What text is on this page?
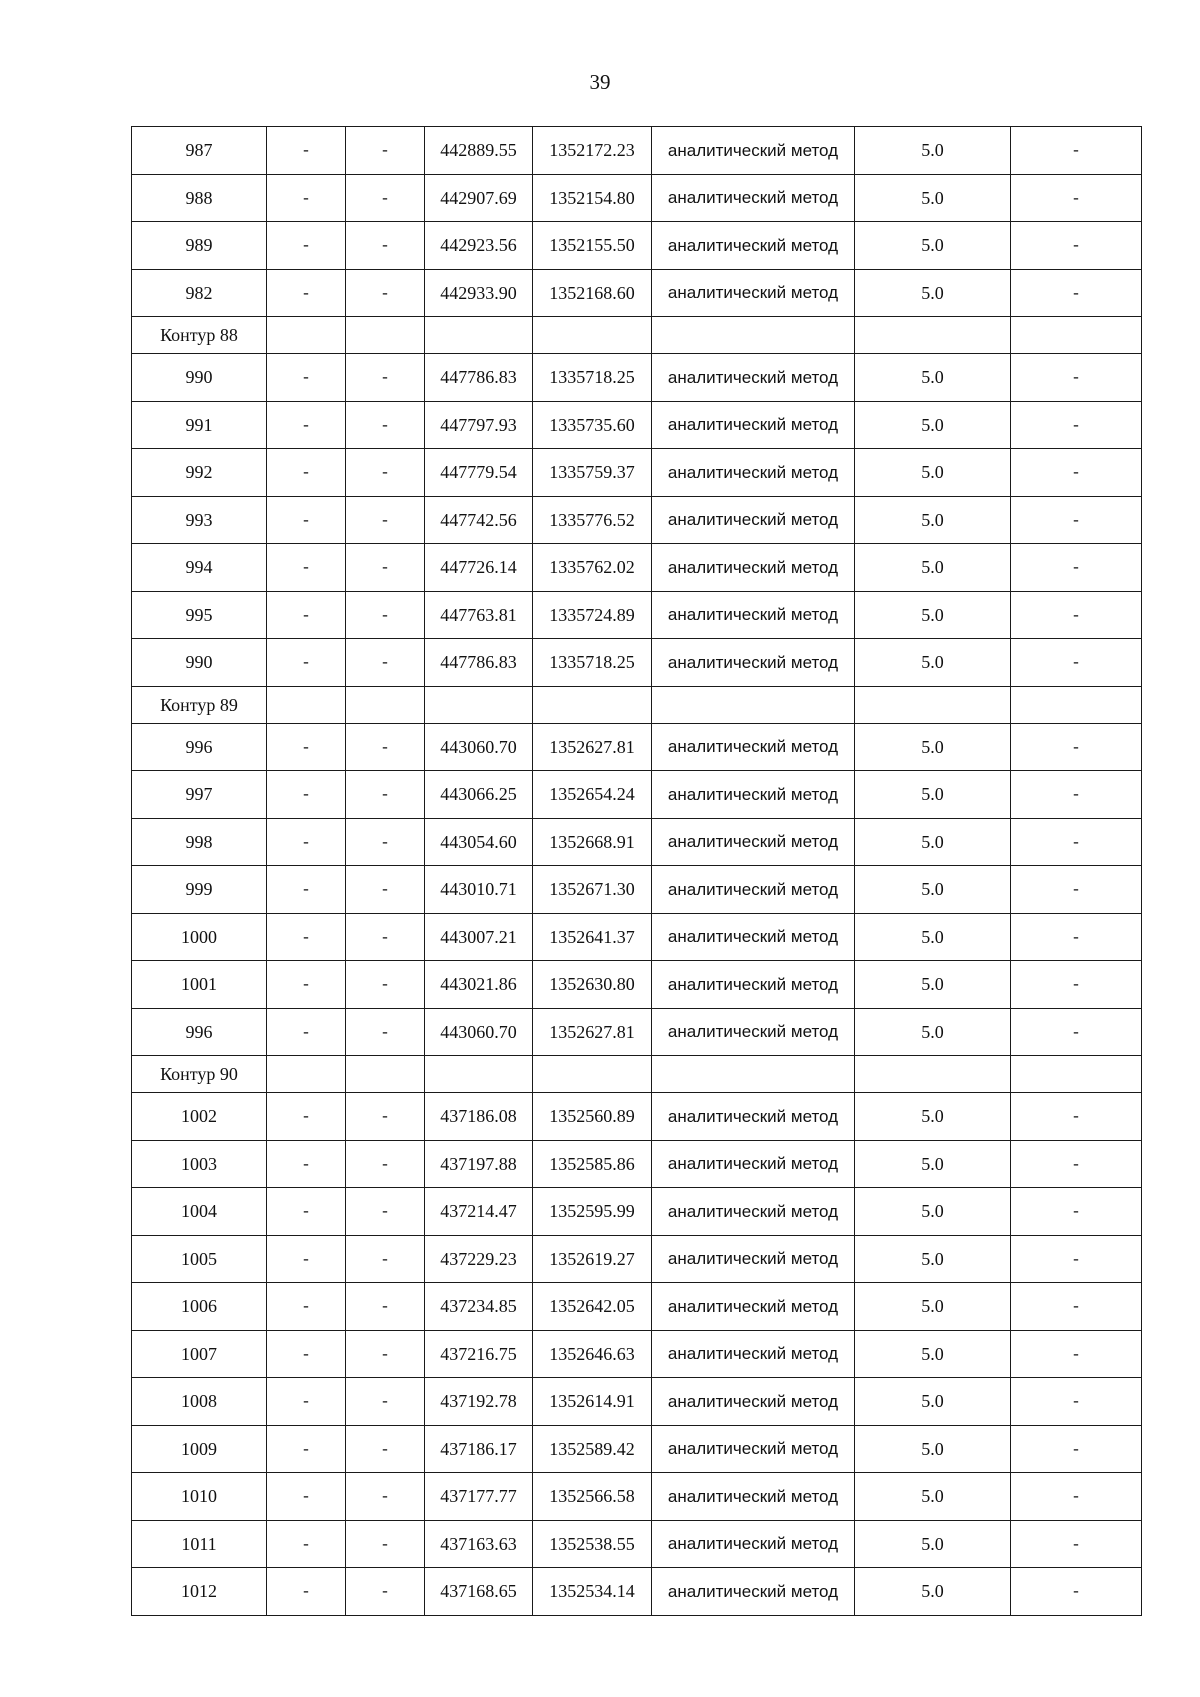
39
987	-	-	442889.55	1352172.23	аналитический метод	5.0	-
988	-	-	442907.69	1352154.80	аналитический метод	5.0	-
989	-	-	442923.56	1352155.50	аналитический метод	5.0	-
982	-	-	442933.90	1352168.60	аналитический метод	5.0	-
Контур 88							
990	-	-	447786.83	1335718.25	аналитический метод	5.0	-
991	-	-	447797.93	1335735.60	аналитический метод	5.0	-
992	-	-	447779.54	1335759.37	аналитический метод	5.0	-
993	-	-	447742.56	1335776.52	аналитический метод	5.0	-
994	-	-	447726.14	1335762.02	аналитический метод	5.0	-
995	-	-	447763.81	1335724.89	аналитический метод	5.0	-
990	-	-	447786.83	1335718.25	аналитический метод	5.0	-
Контур 89							
996	-	-	443060.70	1352627.81	аналитический метод	5.0	-
997	-	-	443066.25	1352654.24	аналитический метод	5.0	-
998	-	-	443054.60	1352668.91	аналитический метод	5.0	-
999	-	-	443010.71	1352671.30	аналитический метод	5.0	-
1000	-	-	443007.21	1352641.37	аналитический метод	5.0	-
1001	-	-	443021.86	1352630.80	аналитический метод	5.0	-
996	-	-	443060.70	1352627.81	аналитический метод	5.0	-
Контур 90							
1002	-	-	437186.08	1352560.89	аналитический метод	5.0	-
1003	-	-	437197.88	1352585.86	аналитический метод	5.0	-
1004	-	-	437214.47	1352595.99	аналитический метод	5.0	-
1005	-	-	437229.23	1352619.27	аналитический метод	5.0	-
1006	-	-	437234.85	1352642.05	аналитический метод	5.0	-
1007	-	-	437216.75	1352646.63	аналитический метод	5.0	-
1008	-	-	437192.78	1352614.91	аналитический метод	5.0	-
1009	-	-	437186.17	1352589.42	аналитический метод	5.0	-
1010	-	-	437177.77	1352566.58	аналитический метод	5.0	-
1011	-	-	437163.63	1352538.55	аналитический метод	5.0	-
1012	-	-	437168.65	1352534.14	аналитический метод	5.0	-
